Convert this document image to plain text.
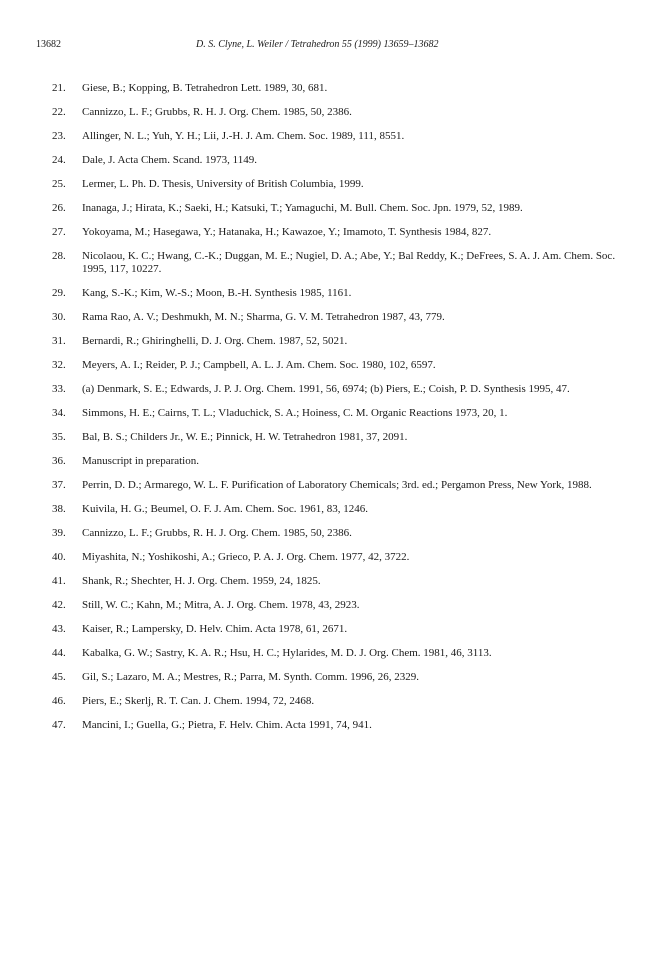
13682	D. S. Clyne, L. Weiler / Tetrahedron 55 (1999) 13659–13682
21.	Giese, B.; Kopping, B. Tetrahedron Lett. 1989, 30, 681.
22.	Cannizzo, L. F.; Grubbs, R. H. J. Org. Chem. 1985, 50, 2386.
23.	Allinger, N. L.; Yuh, Y. H.; Lii, J.-H. J. Am. Chem. Soc. 1989, 111, 8551.
24.	Dale, J. Acta Chem. Scand. 1973, 1149.
25.	Lermer, L. Ph. D. Thesis, University of British Columbia, 1999.
26.	Inanaga, J.; Hirata, K.; Saeki, H.; Katsuki, T.; Yamaguchi, M. Bull. Chem. Soc. Jpn. 1979, 52, 1989.
27.	Yokoyama, M.; Hasegawa, Y.; Hatanaka, H.; Kawazoe, Y.; Imamoto, T. Synthesis 1984, 827.
28.	Nicolaou, K. C.; Hwang, C.-K.; Duggan, M. E.; Nugiel, D. A.; Abe, Y.; Bal Reddy, K.; DeFrees, S. A. J. Am. Chem. Soc. 1995, 117, 10227.
29.	Kang, S.-K.; Kim, W.-S.; Moon, B.-H. Synthesis 1985, 1161.
30.	Rama Rao, A. V.; Deshmukh, M. N.; Sharma, G. V. M. Tetrahedron 1987, 43, 779.
31.	Bernardi, R.; Ghiringhelli, D. J. Org. Chem. 1987, 52, 5021.
32.	Meyers, A. I.; Reider, P. J.; Campbell, A. L. J. Am. Chem. Soc. 1980, 102, 6597.
33.	(a) Denmark, S. E.; Edwards, J. P. J. Org. Chem. 1991, 56, 6974; (b) Piers, E.; Coish, P. D. Synthesis 1995, 47.
34.	Simmons, H. E.; Cairns, T. L.; Vladuchick, S. A.; Hoiness, C. M. Organic Reactions 1973, 20, 1.
35.	Bal, B. S.; Childers Jr., W. E.; Pinnick, H. W. Tetrahedron 1981, 37, 2091.
36.	Manuscript in preparation.
37.	Perrin, D. D.; Armarego, W. L. F. Purification of Laboratory Chemicals; 3rd. ed.; Pergamon Press, New York, 1988.
38.	Kuivila, H. G.; Beumel, O. F. J. Am. Chem. Soc. 1961, 83, 1246.
39.	Cannizzo, L. F.; Grubbs, R. H. J. Org. Chem. 1985, 50, 2386.
40.	Miyashita, N.; Yoshikoshi, A.; Grieco, P. A. J. Org. Chem. 1977, 42, 3722.
41.	Shank, R.; Shechter, H. J. Org. Chem. 1959, 24, 1825.
42.	Still, W. C.; Kahn, M.; Mitra, A. J. Org. Chem. 1978, 43, 2923.
43.	Kaiser, R.; Lampersky, D. Helv. Chim. Acta 1978, 61, 2671.
44.	Kabalka, G. W.; Sastry, K. A. R.; Hsu, H. C.; Hylarides, M. D. J. Org. Chem. 1981, 46, 3113.
45.	Gil, S.; Lazaro, M. A.; Mestres, R.; Parra, M. Synth. Comm. 1996, 26, 2329.
46.	Piers, E.; Skerlj, R. T. Can. J. Chem. 1994, 72, 2468.
47.	Mancini, I.; Guella, G.; Pietra, F. Helv. Chim. Acta 1991, 74, 941.
